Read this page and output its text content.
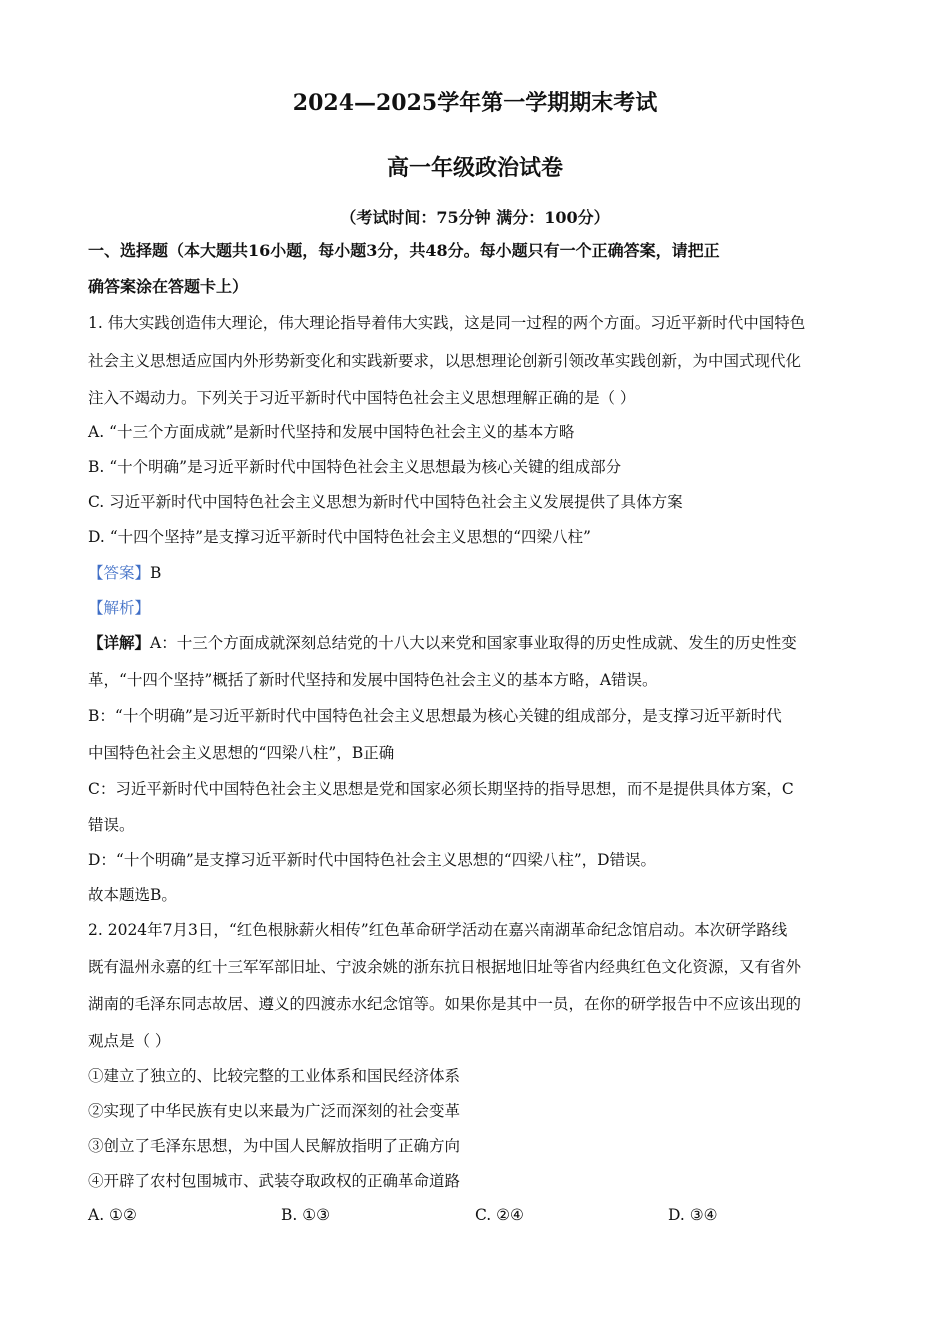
2024—2025学年第一学期期末考试
高一年级政治试卷
（考试时间：75分钟 满分：100分）
一、选择题（本大题共16小题，每小题3分，共48分。每小题只有一个正确答案，请把正
确答案涂在答题卡上）
1. 伟大实践创造伟大理论，伟大理论指导着伟大实践，这是同一过程的两个方面。习近平新时代中国特色
社会主义思想适应国内外形势新变化和实践新要求，以思想理论创新引领改革实践创新，为中国式现代化
注入不竭动力。下列关于习近平新时代中国特色社会主义思想理解正确的是（ ）
A. “十三个方面成就”是新时代坚持和发展中国特色社会主义的基本方略
B. “十个明确”是习近平新时代中国特色社会主义思想最为核心关键的组成部分
C. 习近平新时代中国特色社会主义思想为新时代中国特色社会主义发展提供了具体方案
D. “十四个坚持”是支撑习近平新时代中国特色社会主义思想的“四梁八柱”
【答案】B
【解析】
【详解】A：十三个方面成就深刻总结党的十八大以来党和国家事业取得的历史性成就、发生的历史性变
革，“十四个坚持”概括了新时代坚持和发展中国特色社会主义的基本方略，A错误。
B：“十个明确”是习近平新时代中国特色社会主义思想最为核心关键的组成部分，是支撑习近平新时代
中国特色社会主义思想的“四梁八柱”，B正确
C：习近平新时代中国特色社会主义思想是党和国家必须长期坚持的指导思想，而不是提供具体方案，C
错误。
D：“十个明确”是支撑习近平新时代中国特色社会主义思想的“四梁八柱”，D错误。
故本题选B。
2. 2024年7月3日，“红色根脉薪火相传”红色革命研学活动在嘉兴南湖革命纪念馆启动。本次研学路线
既有温州永嘉的红十三军军部旧址、宁波余姚的浙东抗日根据地旧址等省内经典红色文化资源，又有省外
湖南的毛泽东同志故居、遵义的四渡赤水纪念馆等。如果你是其中一员，在你的研学报告中不应该出现的
观点是（ ）
①建立了独立的、比较完整的工业体系和国民经济体系
②实现了中华民族有史以来最为广泛而深刻的社会变革
③创立了毛泽东思想，为中国人民解放指明了正确方向
④开辟了农村包围城市、武装夺取政权的正确革命道路
A. ①②	B. ①③	C. ②④	D. ③④
